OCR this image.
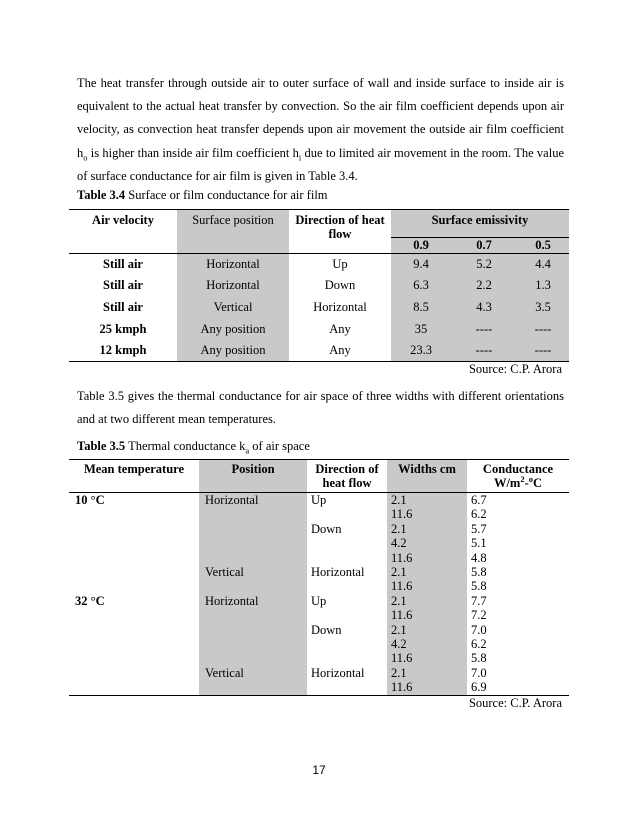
The heat transfer through outside air to outer surface of wall and inside surface to inside air is equivalent to the actual heat transfer by convection. So the air film coefficient depends upon air velocity, as convection heat transfer depends upon air movement the outside air film coefficient $h_o$ is higher than inside air film coefficient $h_i$ due to limited air movement in the room. The value of surface conductance for air film is given in Table 3.4.

Table 3.4 Surface or film conductance for air film

Air velocity	Surface position	Direction of heat flow	Surface emissivity		
			0.9	0.7	0.5
Still air	Horizontal	Up	9.4	5.2	4.4
Still air	Horizontal	Down	6.3	2.2	1.3
Still air	Vertical	Horizontal	8.5	4.3	3.5
25 kmph	Any position	Any	35	----	----
12 kmph	Any position	Any	23.3	----	----
Source: C.P. Arora

Table 3.5 gives the thermal conductance for air space of three widths with different orientations and at two different mean temperatures.

Table 3.5 Thermal conductance $k_a$ of air space

Mean temperature	Position	Direction of heat flow	Widths cm	Conductance
$W/m^2-^oC$
10 °C	Horizontal	Up	2.1	6.7
			11.6	6.2
		Down	2.1	5.7
			4.2	5.1
			11.6	4.8
	Vertical	Horizontal	2.1	5.8
			11.6	5.8
32 °C	Horizontal	Up	2.1	7.7
			11.6	7.2
		Down	2.1	7.0
			4.2	6.2
			11.6	5.8
	Vertical	Horizontal	2.1	7.0
			11.6	6.9
Source: C.P. Arora
17
